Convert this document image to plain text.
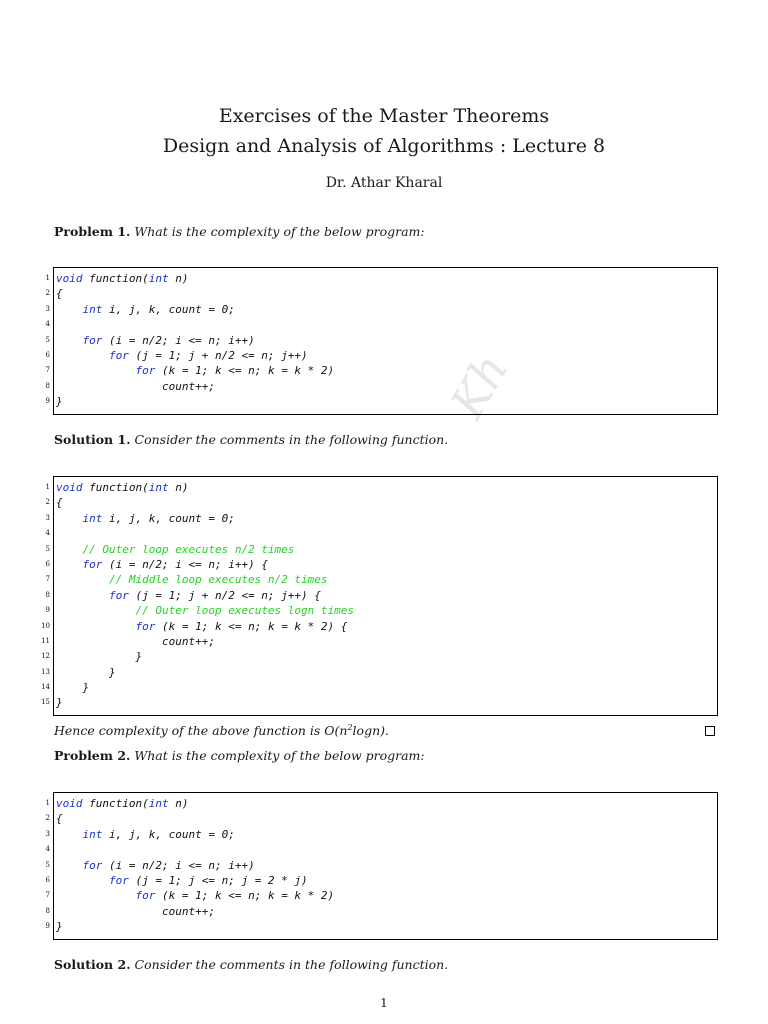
Kh
Exercises of the Master Theorems
Design and Analysis of Algorithms : Lecture 8
Dr. Athar Kharal
Problem 1. What is the complexity of the below program:
1 void function(int n)
2 {
3	int i, j, k, count = 0;
4
5	for (i = n/2; i <= n; i++)
6	for (j = 1; j + n/2 <= n; j++)
7	for (k = 1; k <= n; k = k * 2)
8 count++;
9 }
Solution 1. Consider the comments in the following function.
1 void function(int n)
2 {
3	int i, j, k, count = 0;
4
5	// Outer loop executes n/2 times
6	for (i = n/2; i <= n; i++) {
7	// Middle loop executes n/2 times
8	for (j = 1; j + n/2 <= n; j++) {
9	// Outer loop executes logn times
10	for (k = 1; k <= n; k = k * 2) {
11 count++;
12 }
13 }
14 }
15 }
Hence complexity of the above function is $O(n^2\log n)$.
Problem 2. What is the complexity of the below program:
1 void function(int n)
2 {
3	int i, j, k, count = 0;
4
5	for (i = n/2; i <= n; i++)
6	for (j = 1; j <= n; j = 2 * j)
7	for (k = 1; k <= n; k = k * 2)
8 count++;
9 }
Solution 2. Consider the comments in the following function.
1
